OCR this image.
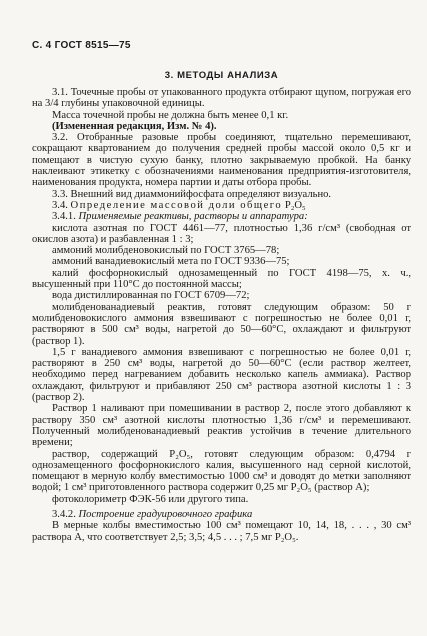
С. 4 ГОСТ 8515—75
3. МЕТОДЫ АНАЛИЗА

3.1. Точечные пробы от упакованного продукта отбирают щупом, погружая его на 3/4 глубины упаковочной единицы.

Масса точечной пробы не должна быть менее 0,1 кг.

(Измененная редакция, Изм. № 4).

3.2. Отобранные разовые пробы соединяют, тщательно перемешивают, сокращают квартованием до получения средней пробы массой около 0,5 кг и помещают в чистую сухую банку, плотно закрываемую пробкой. На банку наклеивают этикетку с обозначениями наименования предприятия-изготовителя, наименования продукта, номера партии и даты отбора пробы.

3.3. Внешний вид диаммонийфосфата определяют визуально.

3.4. Определение массовой доли общего P₂O₅

3.4.1. Применяемые реактивы, растворы и аппаратура:

кислота азотная по ГОСТ 4461—77, плотностью 1,36 г/см³ (свободная от окислов азота) и разбавленная 1 : 3;

аммоний молибденовокислый по ГОСТ 3765—78;

аммоний ванадиевокислый мета по ГОСТ 9336—75;

калий фосфорнокислый однозамещенный по ГОСТ 4198—75, х. ч., высушенный при 110°С до постоянной массы;

вода дистиллированная по ГОСТ 6709—72;

молибденованадиевый реактив, готовят следующим образом: 50 г молибденовокислого аммония взвешивают с погрешностью не более 0,01 г, растворяют в 500 см³ воды, нагретой до 50—60°С, охлаждают и фильтруют (раствор 1).

1,5 г ванадиевого аммония взвешивают с погрешностью не более 0,01 г, растворяют в 250 см³ воды, нагретой до 50—60°С (если раствор желтеет, необходимо перед нагреванием добавить несколько капель аммиака). Раствор охлаждают, фильтруют и прибавляют 250 см³ раствора азотной кислоты 1 : 3 (раствор 2).

Раствор 1 наливают при помешивании в раствор 2, после этого добавляют к раствору 350 см³ азотной кислоты плотностью 1,36 г/см³ и перемешивают. Полученный молибденованадиевый реактив устойчив в течение длительного времени;

раствор, содержащий P₂O₅, готовят следующим образом: 0,4794 г однозамещенного фосфорнокислого калия, высушенного над серной кислотой, помещают в мерную колбу вместимостью 1000 см³ и доводят до метки заполняют водой; 1 см³ приготовленного раствора содержит 0,25 мг P₂O₅ (раствор А);

фотоколориметр ФЭК-56 или другого типа.

3.4.2. Построение градуировочного графика

В мерные колбы вместимостью 100 см³ помещают 10, 14, 18, . . . , 30 см³ раствора А, что соответствует 2,5; 3,5; 4,5 . . . ; 7,5 мг P₂O₅.
